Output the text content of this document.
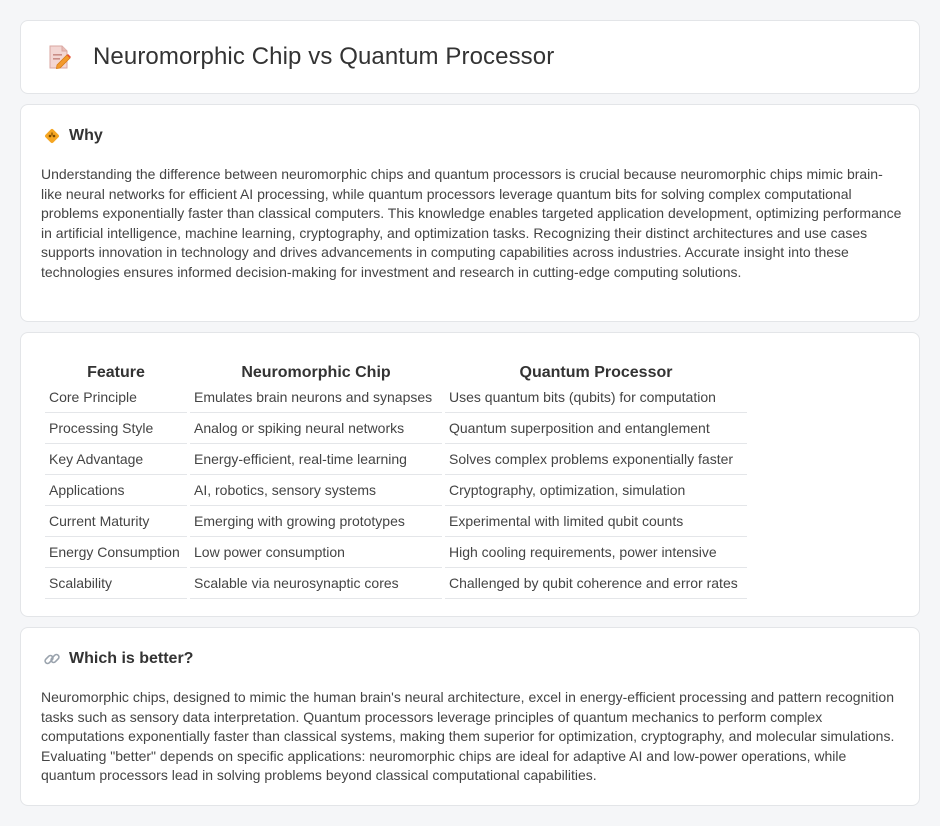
Neuromorphic Chip vs Quantum Processor
Why

Understanding the difference between neuromorphic chips and quantum processors is crucial because neuromorphic chips mimic brain-like neural networks for efficient AI processing, while quantum processors leverage quantum bits for solving complex computational problems exponentially faster than classical computers. This knowledge enables targeted application development, optimizing performance in artificial intelligence, machine learning, cryptography, and optimization tasks. Recognizing their distinct architectures and use cases supports innovation in technology and drives advancements in computing capabilities across industries. Accurate insight into these technologies ensures informed decision-making for investment and research in cutting-edge computing solutions.

Feature	Neuromorphic Chip	Quantum Processor
Core Principle	Emulates brain neurons and synapses	Uses quantum bits (qubits) for computation
Processing Style	Analog or spiking neural networks	Quantum superposition and entanglement
Key Advantage	Energy-efficient, real-time learning	Solves complex problems exponentially faster
Applications	AI, robotics, sensory systems	Cryptography, optimization, simulation
Current Maturity	Emerging with growing prototypes	Experimental with limited qubit counts
Energy Consumption	Low power consumption	High cooling requirements, power intensive
Scalability	Scalable via neurosynaptic cores	Challenged by qubit coherence and error rates
Which is better?

Neuromorphic chips, designed to mimic the human brain's neural architecture, excel in energy-efficient processing and pattern recognition tasks such as sensory data interpretation. Quantum processors leverage principles of quantum mechanics to perform complex computations exponentially faster than classical systems, making them superior for optimization, cryptography, and molecular simulations. Evaluating "better" depends on specific applications: neuromorphic chips are ideal for adaptive AI and low-power operations, while quantum processors lead in solving problems beyond classical computational capabilities.
